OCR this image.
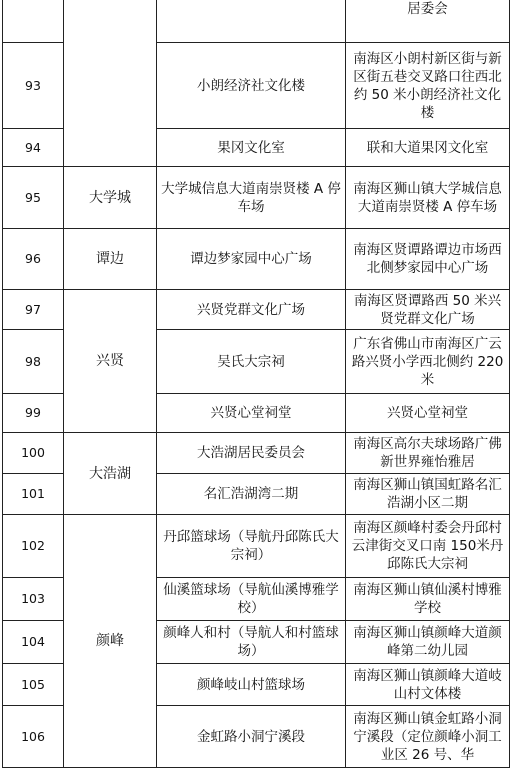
			居委会
93		小朗经济社文化楼	南海区小朗村新区街与新区街五巷交叉路口往西北约 50 米小朗经济社文化楼
94		果冈文化室	联和大道果冈文化室
95	大学城	大学城信息大道南崇贤楼 A 停车场	南海区狮山镇大学城信息大道南崇贤楼 A 停车场
96	谭边	谭边梦家园中心广场	南海区贤谭路谭边市场西北侧梦家园中心广场
97	兴贤	兴贤党群文化广场	南海区贤谭路西 50 米兴贤党群文化广场
98		吴氏大宗祠	广东省佛山市南海区广云路兴贤小学西北侧约 220 米
99		兴贤心堂祠堂	兴贤心堂祠堂
100	大浩湖	大浩湖居民委员会	南海区高尔夫球场路广佛新世界雍怡雅居
101		名汇浩湖湾二期	南海区狮山镇国虹路名汇浩湖小区二期
102	颜峰	丹邱篮球场（导航丹邱陈氏大宗祠）	南海区颜峰村委会丹邱村云津街交叉口南 150米丹邱陈氏大宗祠
103		仙溪篮球场（导航仙溪博雅学校）	南海区狮山镇仙溪村博雅学校
104		颜峰人和村（导航人和村篮球场）	南海区狮山镇颜峰大道颜峰第二幼儿园
105		颜峰岐山村篮球场	南海区狮山镇颜峰大道岐山村文体楼
106		金虹路小洞宁溪段	南海区狮山镇金虹路小洞宁溪段（定位颜峰小洞工业区 26 号、华
